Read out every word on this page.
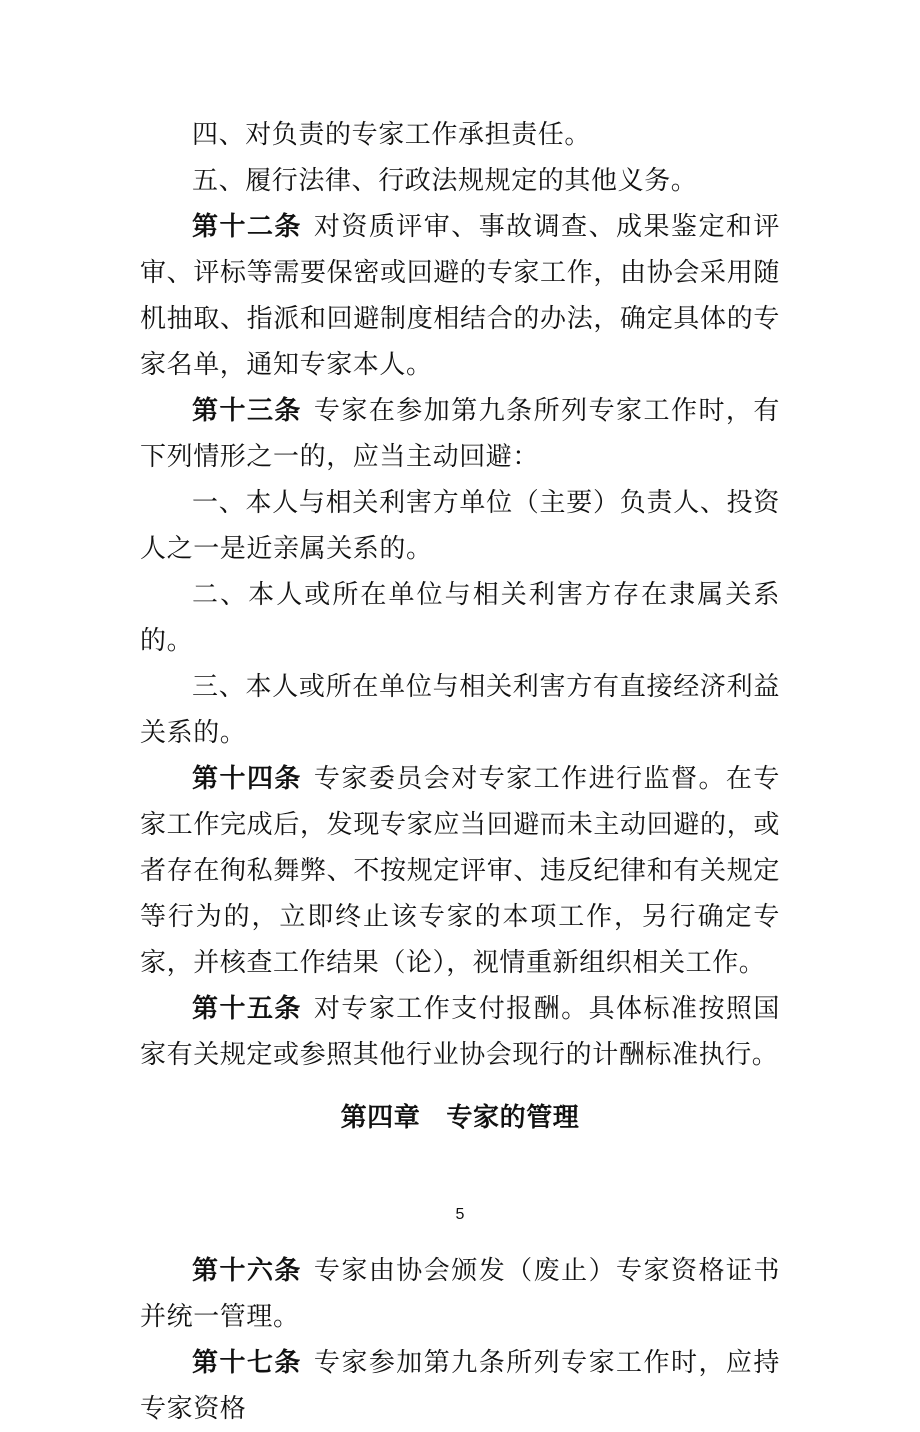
四、对负责的专家工作承担责任。

五、履行法律、行政法规规定的其他义务。

第十二条 对资质评审、事故调查、成果鉴定和评审、评标等需要保密或回避的专家工作，由协会采用随机抽取、指派和回避制度相结合的办法，确定具体的专家名单，通知专家本人。

第十三条 专家在参加第九条所列专家工作时，有下列情形之一的，应当主动回避：

一、本人与相关利害方单位（主要）负责人、投资人之一是近亲属关系的。

二、本人或所在单位与相关利害方存在隶属关系的。

三、本人或所在单位与相关利害方有直接经济利益关系的。

第十四条 专家委员会对专家工作进行监督。在专家工作完成后，发现专家应当回避而未主动回避的，或者存在徇私舞弊、不按规定评审、违反纪律和有关规定等行为的，立即终止该专家的本项工作，另行确定专家，并核查工作结果（论），视情重新组织相关工作。

第十五条 对专家工作支付报酬。具体标准按照国家有关规定或参照其他行业协会现行的计酬标准执行。

第四章 专家的管理

第十六条 专家由协会颁发（废止）专家资格证书并统一管理。

第十七条 专家参加第九条所列专家工作时，应持专家资格

5
